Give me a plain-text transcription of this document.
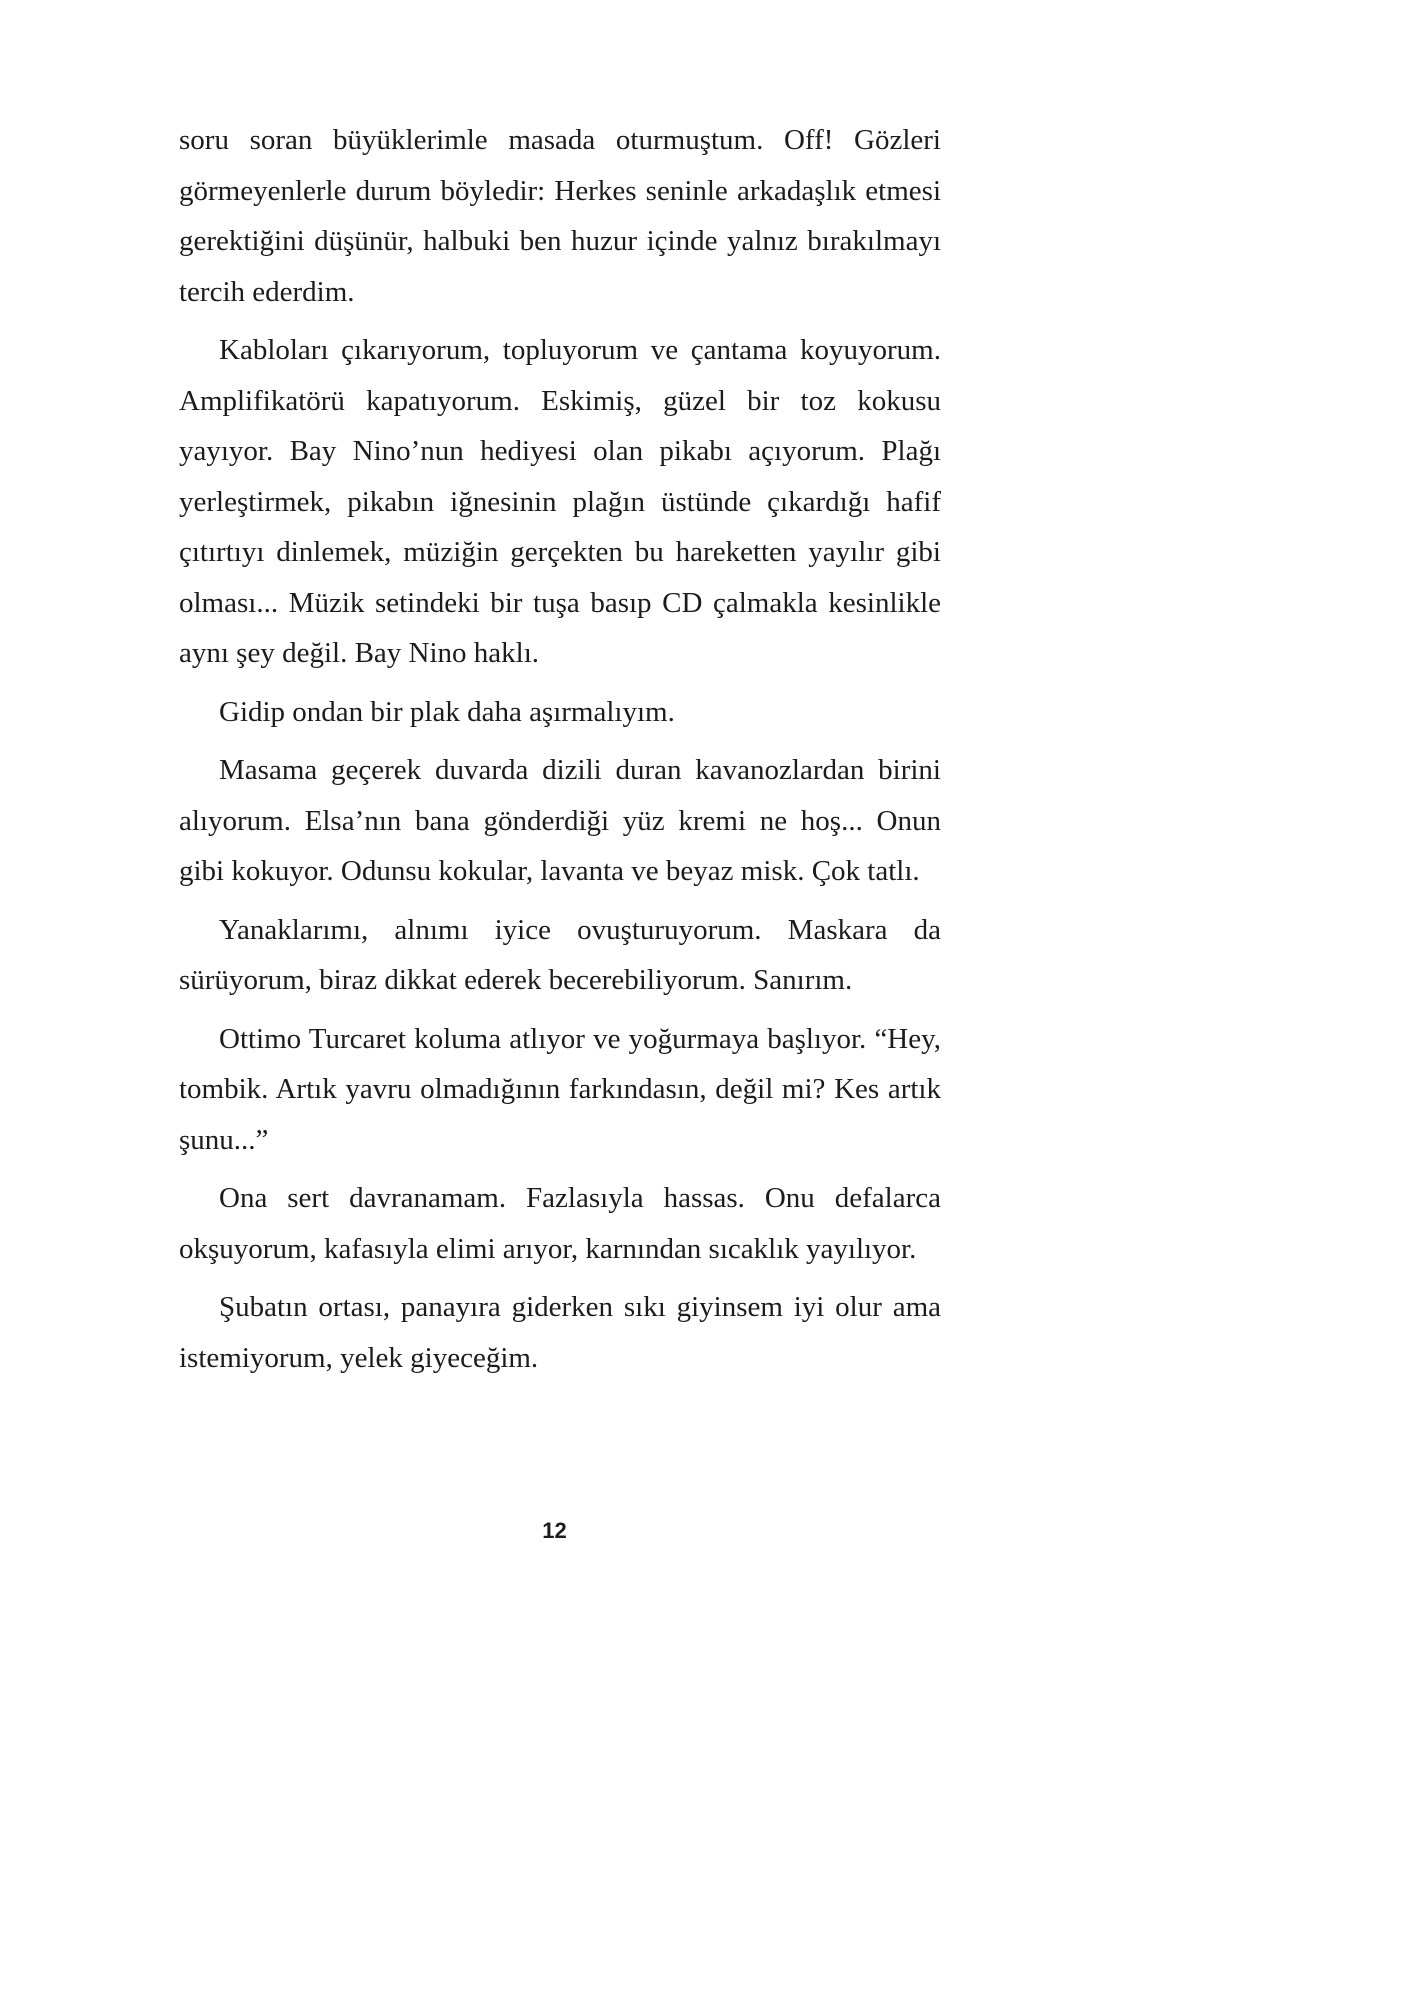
soru soran büyüklerimle masada oturmuştum. Off! Gözleri görmeyenlerle durum böyledir: Herkes seninle arkadaşlık etmesi gerektiğini düşünür, halbuki ben huzur içinde yalnız bırakılmayı tercih ederdim.

Kabloları çıkarıyorum, topluyorum ve çantama koyuyorum. Amplifikatörü kapatıyorum. Eskimiş, güzel bir toz kokusu yayıyor. Bay Nino’nun hediyesi olan pikabı açıyorum. Plağı yerleştirmek, pikabın iğnesinin plağın üstünde çıkardığı hafif çıtırtıyı dinlemek, müziğin gerçekten bu hareketten yayılır gibi olması... Müzik setindeki bir tuşa basıp CD çalmakla kesinlikle aynı şey değil. Bay Nino haklı.

Gidip ondan bir plak daha aşırmalıyım.

Masama geçerek duvarda dizili duran kavanozlardan birini alıyorum. Elsa’nın bana gönderdiği yüz kremi ne hoş... Onun gibi kokuyor. Odunsu kokular, lavanta ve beyaz misk. Çok tatlı.

Yanaklarımı, alnımı iyice ovuşturuyorum. Maskara da sürüyorum, biraz dikkat ederek becerebiliyorum. Sanırım.

Ottimo Turcaret koluma atlıyor ve yoğurmaya başlıyor. “Hey, tombik. Artık yavru olmadığının farkındasın, değil mi? Kes artık şunu...”

Ona sert davranamam. Fazlasıyla hassas. Onu defalarca okşuyorum, kafasıyla elimi arıyor, karnından sıcaklık yayılıyor.

Şubatın ortası, panayıra giderken sıkı giyinsem iyi olur ama istemiyorum, yelek giyeceğim.

12
